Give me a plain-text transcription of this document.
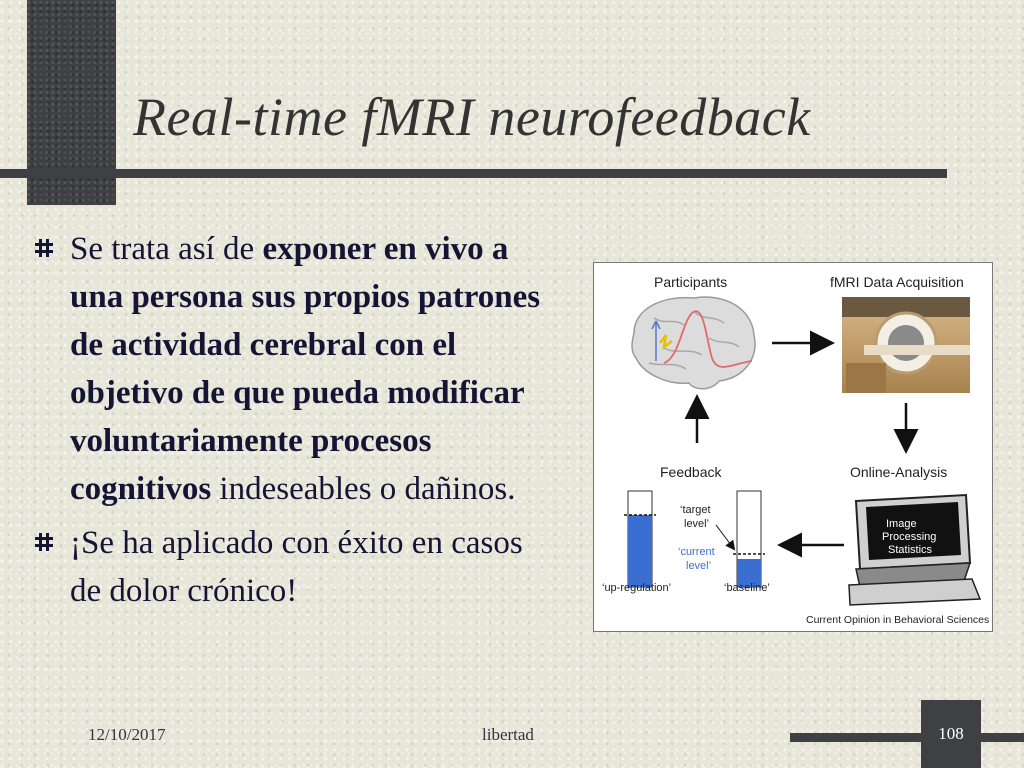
Real-time fMRI neurofeedback
Se trata así de exponer en vivo a una persona sus propios patrones de actividad cerebral con el objetivo de que pueda modificar voluntariamente procesos cognitivos indeseables o dañinos.
¡Se ha aplicado con éxito en casos de dolor crónico!
Participants	fMRI Data Acquisition
Feedback	Online-Analysis
‘target
level’
‘current
level’
‘up-regulation’	‘baseline’
Image
Processing
Statistics
Current Opinion in Behavioral Sciences
12/10/2017	libertad	108
